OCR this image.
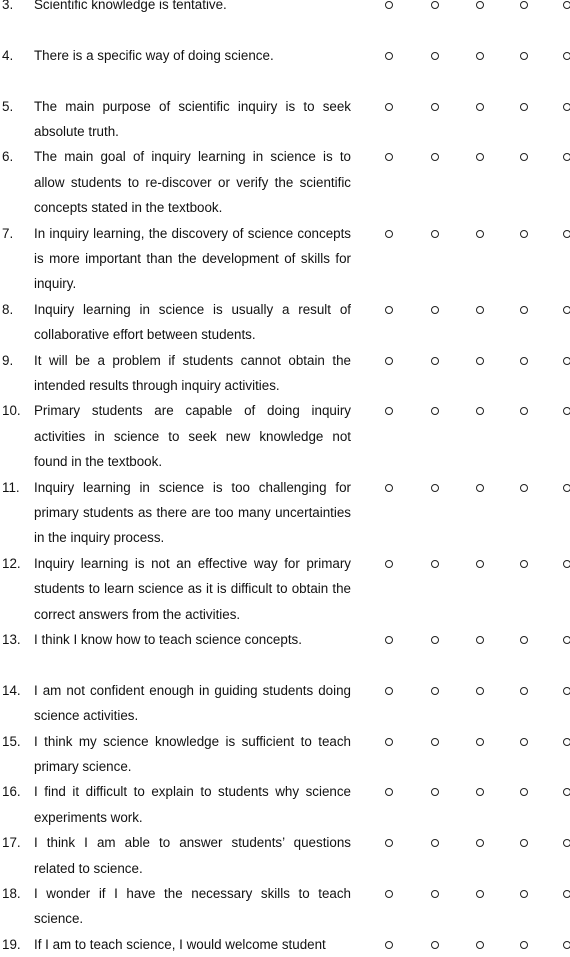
3.	Scientific knowledge is tentative.
4.	There is a specific way of doing science.
5.	The main purpose of scientific inquiry is to seek absolute truth.
6.	The main goal of inquiry learning in science is to allow students to re-discover or verify the scientific concepts stated in the textbook.
7.	In inquiry learning, the discovery of science concepts is more important than the development of skills for inquiry.
8.	Inquiry learning in science is usually a result of collaborative effort between students.
9.	It will be a problem if students cannot obtain the intended results through inquiry activities.
10. Primary students are capable of doing inquiry activities in science to seek new knowledge not found in the textbook.
11.	Inquiry learning in science is too challenging for primary students as there are too many uncertainties in the inquiry process.
12. Inquiry learning is not an effective way for primary students to learn science as it is difficult to obtain the correct answers from the activities.
13. I think I know how to teach science concepts.
14. I am not confident enough in guiding students doing science activities.
15. I think my science knowledge is sufficient to teach primary science.
16. I find it difficult to explain to students why science experiments work.
17. I think I am able to answer students’ questions related to science.
18. I wonder if I have the necessary skills to teach science.
19. If I am to teach science, I would welcome student
